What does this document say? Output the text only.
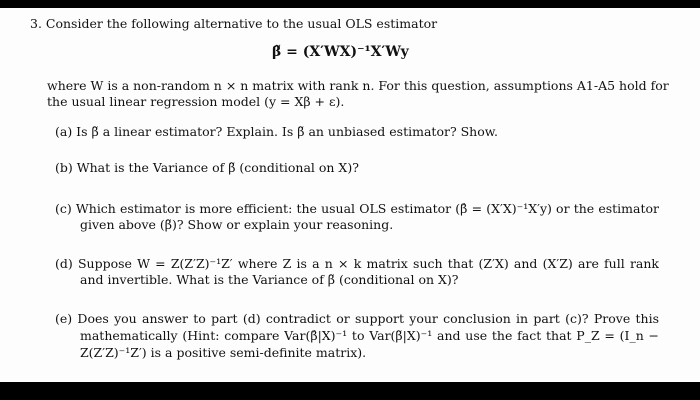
3. Consider the following alternative to the usual OLS estimator
β̃ = (X′WX)⁻¹X′Wy
where W is a non-random n × n matrix with rank n. For this question, assumptions A1-A5 hold for
the usual linear regression model (y = Xβ + ε).
(a) Is β̃ a linear estimator? Explain. Is β̃ an unbiased estimator? Show.
(b) What is the Variance of β̃ (conditional on X)?
(c) Which estimator is more efficient: the usual OLS estimator (β̂ = (X′X)⁻¹X′y) or the estimator
given above (β̃)? Show or explain your reasoning.
(d) Suppose W = Z(Z′Z)⁻¹Z′ where Z is a n × k matrix such that (Z′X) and (X′Z) are full rank
and invertible. What is the Variance of β̃ (conditional on X)?
(e) Does you answer to part (d) contradict or support your conclusion in part (c)? Prove this
mathematically (Hint: compare Var(β̂|X)⁻¹ to Var(β̃|X)⁻¹ and use the fact that P_Z = (I_n −
Z(Z′Z)⁻¹Z′) is a positive semi-definite matrix).
